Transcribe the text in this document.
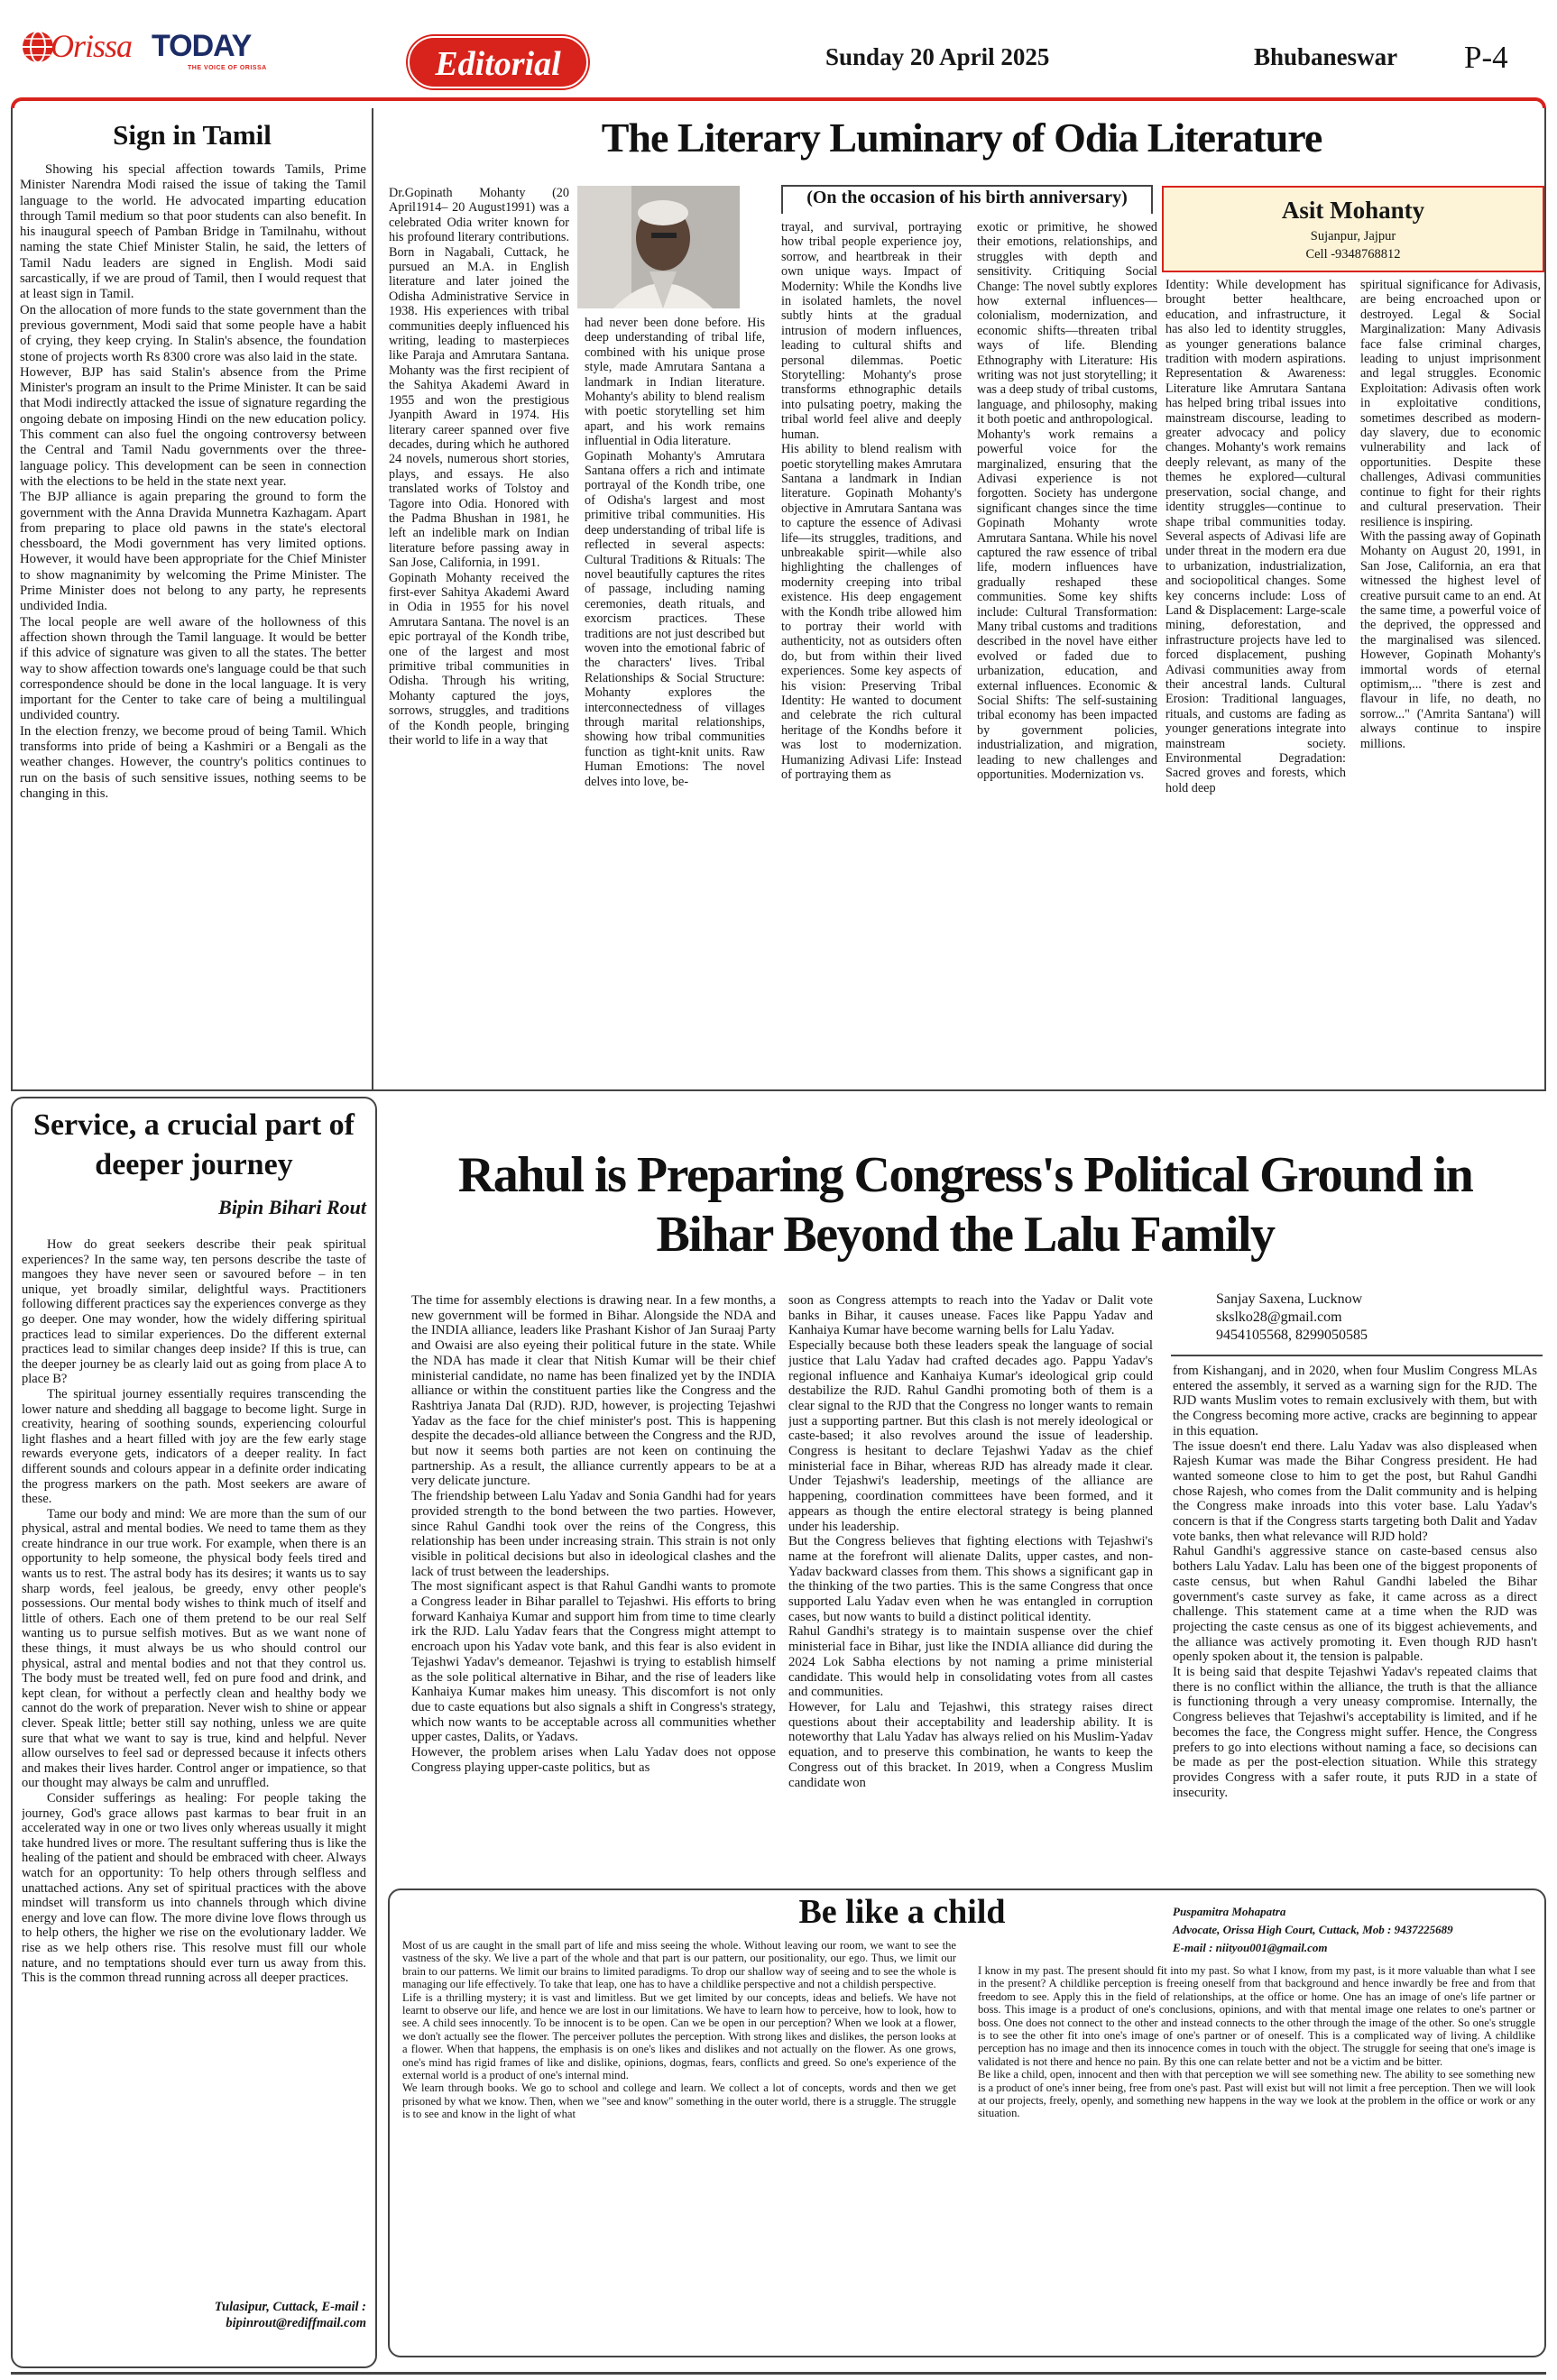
Orissa TODAY
THE VOICE OF ORISSA	Editorial	Sunday 20 April 2025	Bhubaneswar P-4
Sign in Tamil

Showing his special affection towards Tamils, Prime Minister Narendra Modi raised the issue of taking the Tamil language to the world. He advocated imparting education through Tamil medium so that poor students can also benefit. In his inaugural speech of Pamban Bridge in Tamilnahu, without naming the state Chief Minister Stalin, he said, the letters of Tamil Nadu leaders are signed in English. Modi said sarcastically, if we are proud of Tamil, then I would request that at least sign in Tamil.

On the allocation of more funds to the state government than the previous government, Modi said that some people have a habit of crying, they keep crying. In Stalin's absence, the foundation stone of projects worth Rs 8300 crore was also laid in the state.

However, BJP has said Stalin's absence from the Prime Minister's program an insult to the Prime Minister. It can be said that Modi indirectly attacked the issue of signature regarding the ongoing debate on imposing Hindi on the new education policy. This comment can also fuel the ongoing controversy between the Central and Tamil Nadu governments over the three-language policy. This development can be seen in connection with the elections to be held in the state next year.

The BJP alliance is again preparing the ground to form the government with the Anna Dravida Munnetra Kazhagam. Apart from preparing to place old pawns in the state's electoral chessboard, the Modi government has very limited options. However, it would have been appropriate for the Chief Minister to show magnanimity by welcoming the Prime Minister. The Prime Minister does not belong to any party, he represents undivided India.

The local people are well aware of the hollowness of this affection shown through the Tamil language. It would be better if this advice of signature was given to all the states. The better way to show affection towards one's language could be that such correspondence should be done in the local language. It is very important for the Center to take care of being a multilingual undivided country.

In the election frenzy, we become proud of being Tamil. Which transforms into pride of being a Kashmiri or a Bengali as the weather changes. However, the country's politics continues to run on the basis of such sensitive issues, nothing seems to be changing in this.

The Literary Luminary of Odia Literature
(On the occasion of his birth anniversary)	Asit Mohanty
Sujanpur, Jajpur
Cell -9348768812

Dr.Gopinath Mohanty (20 April1914– 20 August1991) was a celebrated Odia writer known for his profound literary contributions. Born in Nagabali, Cuttack, he pursued an M.A. in English literature and later joined the Odisha Administrative Service in 1938. His experiences with tribal communities deeply influenced his writing, leading to masterpieces like Paraja and Amrutara Santana. Mohanty was the first recipient of the Sahitya Akademi Award in 1955 and won the prestigious Jyanpith Award in 1974. His literary career spanned over five decades, during which he authored 24 novels, numerous short stories, plays, and essays. He also translated works of Tolstoy and Tagore into Odia. Honored with the Padma Bhushan in 1981, he left an indelible mark on Indian literature before passing away in San Jose, California, in 1991.

Gopinath Mohanty received the first-ever Sahitya Akademi Award in Odia in 1955 for his novel Amrutara Santana. The novel is an epic portrayal of the Kondh tribe, one of the largest and most primitive tribal communities in Odisha. Through his writing, Mohanty captured the joys, sorrows, struggles, and traditions of the Kondh people, bringing their world to life in a way that

had never been done before. His deep understanding of tribal life, combined with his unique prose style, made Amrutara Santana a landmark in Indian literature. Mohanty's ability to blend realism with poetic storytelling set him apart, and his work remains influential in Odia literature.

Gopinath Mohanty's Amrutara Santana offers a rich and intimate portrayal of the Kondh tribe, one of Odisha's largest and most primitive tribal communities. His deep understanding of tribal life is reflected in several aspects: Cultural Traditions & Rituals: The novel beautifully captures the rites of passage, including naming ceremonies, death rituals, and exorcism practices. These traditions are not just described but woven into the emotional fabric of the characters' lives. Tribal Relationships & Social Structure: Mohanty explores the interconnectedness of villages through marital relationships, showing how tribal communities function as tight-knit units. Raw Human Emotions: The novel delves into love, be-

trayal, and survival, portraying how tribal people experience joy, sorrow, and heartbreak in their own unique ways. Impact of Modernity: While the Kondhs live in isolated hamlets, the novel subtly hints at the gradual intrusion of modern influences, leading to cultural shifts and personal dilemmas. Poetic Storytelling: Mohanty's prose transforms ethnographic details into pulsating poetry, making the tribal world feel alive and deeply human.

His ability to blend realism with poetic storytelling makes Amrutara Santana a landmark in Indian literature. Gopinath Mohanty's objective in Amrutara Santana was to capture the essence of Adivasi life—its struggles, traditions, and unbreakable spirit—while also highlighting the challenges of modernity creeping into tribal existence. His deep engagement with the Kondh tribe allowed him to portray their world with authenticity, not as outsiders often do, but from within their lived experiences. Some key aspects of his vision: Preserving Tribal Identity: He wanted to document and celebrate the rich cultural heritage of the Kondhs before it was lost to modernization. Humanizing Adivasi Life: Instead of portraying them as

exotic or primitive, he showed their emotions, relationships, and struggles with depth and sensitivity. Critiquing Social Change: The novel subtly explores how external influences—colonialism, modernization, and economic shifts—threaten tribal ways of life. Blending Ethnography with Literature: His writing was not just storytelling; it was a deep study of tribal customs, language, and philosophy, making it both poetic and anthropological.

Mohanty's work remains a powerful voice for the marginalized, ensuring that the Adivasi experience is not forgotten. Society has undergone significant changes since the time Gopinath Mohanty wrote Amrutara Santana. While his novel captured the raw essence of tribal life, modern influences have gradually reshaped these communities. Some key shifts include: Cultural Transformation: Many tribal customs and traditions described in the novel have either evolved or faded due to urbanization, education, and external influences. Economic & Social Shifts: The self-sustaining tribal economy has been impacted by government policies, industrialization, and migration, leading to new challenges and opportunities. Modernization vs.

Identity: While development has brought better healthcare, education, and infrastructure, it has also led to identity struggles, as younger generations balance tradition with modern aspirations. Representation & Awareness: Literature like Amrutara Santana has helped bring tribal issues into mainstream discourse, leading to greater advocacy and policy changes. Mohanty's work remains deeply relevant, as many of the themes he explored—cultural preservation, social change, and identity struggles—continue to shape tribal communities today. Several aspects of Adivasi life are under threat in the modern era due to urbanization, industrialization, and sociopolitical changes. Some key concerns include: Loss of Land & Displacement: Large-scale mining, deforestation, and infrastructure projects have led to forced displacement, pushing Adivasi communities away from their ancestral lands. Cultural Erosion: Traditional languages, rituals, and customs are fading as younger generations integrate into mainstream society. Environmental Degradation: Sacred groves and forests, which hold deep

spiritual significance for Adivasis, are being encroached upon or destroyed. Legal & Social Marginalization: Many Adivasis face false criminal charges, leading to unjust imprisonment and legal struggles. Economic Exploitation: Adivasis often work in exploitative conditions, sometimes described as modern-day slavery, due to economic vulnerability and lack of opportunities. Despite these challenges, Adivasi communities continue to fight for their rights and cultural preservation. Their resilience is inspiring.

With the passing away of Gopinath Mohanty on August 20, 1991, in San Jose, California, an era that witnessed the highest level of creative pursuit came to an end. At the same time, a powerful voice of the deprived, the oppressed and the marginalised was silenced. However, Gopinath Mohanty's immortal words of eternal optimism,... "there is zest and flavour in life, no death, no sorrow..." ('Amrita Santana') will always continue to inspire millions.

Service, a crucial part of deeper journey
Bipin Bihari Rout

How do great seekers describe their peak spiritual experiences? In the same way, ten persons describe the taste of mangoes they have never seen or savoured before – in ten unique, yet broadly similar, delightful ways. Practitioners following different practices say the experiences converge as they go deeper. One may wonder, how the widely differing spiritual practices lead to similar experiences. Do the different external practices lead to similar changes deep inside? If this is true, can the deeper journey be as clearly laid out as going from place A to place B?

The spiritual journey essentially requires transcending the lower nature and shedding all baggage to become light. Surge in creativity, hearing of soothing sounds, experiencing colourful light flashes and a heart filled with joy are the few early stage rewards everyone gets, indicators of a deeper reality. In fact different sounds and colours appear in a definite order indicating the progress markers on the path. Most seekers are aware of these.

Tame our body and mind: We are more than the sum of our physical, astral and mental bodies. We need to tame them as they create hindrance in our true work. For example, when there is an opportunity to help someone, the physical body feels tired and wants us to rest. The astral body has its desires; it wants us to say sharp words, feel jealous, be greedy, envy other people's possessions. Our mental body wishes to think much of itself and little of others. Each one of them pretend to be our real Self wanting us to pursue selfish motives. But as we want none of these things, it must always be us who should control our physical, astral and mental bodies and not that they control us. The body must be treated well, fed on pure food and drink, and kept clean, for without a perfectly clean and healthy body we cannot do the work of preparation. Never wish to shine or appear clever. Speak little; better still say nothing, unless we are quite sure that what we want to say is true, kind and helpful. Never allow ourselves to feel sad or depressed because it infects others and makes their lives harder. Control anger or impatience, so that our thought may always be calm and unruffled.

Consider sufferings as healing: For people taking the journey, God's grace allows past karmas to bear fruit in an accelerated way in one or two lives only whereas usually it might take hundred lives or more. The resultant suffering thus is like the healing of the patient and should be embraced with cheer. Always watch for an opportunity: To help others through selfless and unattached actions. Any set of spiritual practices with the above mindset will transform us into channels through which divine energy and love can flow. The more divine love flows through us to help others, the higher we rise on the evolutionary ladder. We rise as we help others rise. This resolve must fill our whole nature, and no temptations should ever turn us away from this. This is the common thread running across all deeper practices.

Tulasipur, Cuttack, E-mail :
bipinrout@rediffmail.com
Rahul is Preparing Congress's Political Ground in Bihar Beyond the Lalu Family
Sanjay Saxena, Lucknow
skslko28@gmail.com
9454105568, 8299050585

The time for assembly elections is drawing near. In a few months, a new government will be formed in Bihar. Alongside the NDA and the INDIA alliance, leaders like Prashant Kishor of Jan Suraaj Party and Owaisi are also eyeing their political future in the state. While the NDA has made it clear that Nitish Kumar will be their chief ministerial candidate, no name has been finalized yet by the INDIA alliance or within the constituent parties like the Congress and the Rashtriya Janata Dal (RJD). RJD, however, is projecting Tejashwi Yadav as the face for the chief minister's post. This is happening despite the decades-old alliance between the Congress and the RJD, but now it seems both parties are not keen on continuing the partnership. As a result, the alliance currently appears to be at a very delicate juncture.

The friendship between Lalu Yadav and Sonia Gandhi had for years provided strength to the bond between the two parties. However, since Rahul Gandhi took over the reins of the Congress, this relationship has been under increasing strain. This strain is not only visible in political decisions but also in ideological clashes and the lack of trust between the leaderships.

The most significant aspect is that Rahul Gandhi wants to promote a Congress leader in Bihar parallel to Tejashwi. His efforts to bring forward Kanhaiya Kumar and support him from time to time clearly irk the RJD. Lalu Yadav fears that the Congress might attempt to encroach upon his Yadav vote bank, and this fear is also evident in Tejashwi Yadav's demeanor. Tejashwi is trying to establish himself as the sole political alternative in Bihar, and the rise of leaders like Kanhaiya Kumar makes him uneasy. This discomfort is not only due to caste equations but also signals a shift in Congress's strategy, which now wants to be acceptable across all communities whether upper castes, Dalits, or Yadavs.

However, the problem arises when Lalu Yadav does not oppose Congress playing upper-caste politics, but as

soon as Congress attempts to reach into the Yadav or Dalit vote banks in Bihar, it causes unease. Faces like Pappu Yadav and Kanhaiya Kumar have become warning bells for Lalu Yadav.

Especially because both these leaders speak the language of social justice that Lalu Yadav had crafted decades ago. Pappu Yadav's regional influence and Kanhaiya Kumar's ideological grip could destabilize the RJD. Rahul Gandhi promoting both of them is a clear signal to the RJD that the Congress no longer wants to remain just a supporting partner. But this clash is not merely ideological or caste-based; it also revolves around the issue of leadership. Congress is hesitant to declare Tejashwi Yadav as the chief ministerial face in Bihar, whereas RJD has already made it clear. Under Tejashwi's leadership, meetings of the alliance are happening, coordination committees have been formed, and it appears as though the entire electoral strategy is being planned under his leadership.

But the Congress believes that fighting elections with Tejashwi's name at the forefront will alienate Dalits, upper castes, and non-Yadav backward classes from them. This shows a significant gap in the thinking of the two parties. This is the same Congress that once supported Lalu Yadav even when he was entangled in corruption cases, but now wants to build a distinct political identity.

Rahul Gandhi's strategy is to maintain suspense over the chief ministerial face in Bihar, just like the INDIA alliance did during the 2024 Lok Sabha elections by not naming a prime ministerial candidate. This would help in consolidating votes from all castes and communities.

However, for Lalu and Tejashwi, this strategy raises direct questions about their acceptability and leadership ability. It is noteworthy that Lalu Yadav has always relied on his Muslim-Yadav equation, and to preserve this combination, he wants to keep the Congress out of this bracket. In 2019, when a Congress Muslim candidate won

from Kishanganj, and in 2020, when four Muslim Congress MLAs entered the assembly, it served as a warning sign for the RJD. The RJD wants Muslim votes to remain exclusively with them, but with the Congress becoming more active, cracks are beginning to appear in this equation.

The issue doesn't end there. Lalu Yadav was also displeased when Rajesh Kumar was made the Bihar Congress president. He had wanted someone close to him to get the post, but Rahul Gandhi chose Rajesh, who comes from the Dalit community and is helping the Congress make inroads into this voter base. Lalu Yadav's concern is that if the Congress starts targeting both Dalit and Yadav vote banks, then what relevance will RJD hold?

Rahul Gandhi's aggressive stance on caste-based census also bothers Lalu Yadav. Lalu has been one of the biggest proponents of caste census, but when Rahul Gandhi labeled the Bihar government's caste survey as fake, it came across as a direct challenge. This statement came at a time when the RJD was projecting the caste census as one of its biggest achievements, and the alliance was actively promoting it. Even though RJD hasn't openly spoken about it, the tension is palpable.

It is being said that despite Tejashwi Yadav's repeated claims that there is no conflict within the alliance, the truth is that the alliance is functioning through a very uneasy compromise. Internally, the Congress believes that Tejashwi's acceptability is limited, and if he becomes the face, the Congress might suffer. Hence, the Congress prefers to go into elections without naming a face, so decisions can be made as per the post-election situation. While this strategy provides Congress with a safer route, it puts RJD in a state of insecurity.

Be like a child	Puspamitra Mohapatra
Advocate, Orissa High Court, Cuttack, Mob : 9437225689
E-mail : niityou001@gmail.com

Most of us are caught in the small part of life and miss seeing the whole. Without leaving our room, we want to see the vastness of the sky. We live a part of the whole and that part is our pattern, our positionality, our ego. Thus, we limit our brain to our patterns. We limit our brains to limited paradigms. To drop our shallow way of seeing and to see the whole is managing our life effectively. To take that leap, one has to have a childlike perspective and not a childish perspective.

Life is a thrilling mystery; it is vast and limitless. But we get limited by our concepts, ideas and beliefs. We have not learnt to observe our life, and hence we are lost in our limitations. We have to learn how to perceive, how to look, how to see. A child sees innocently. To be innocent is to be open. Can we be open in our perception? When we look at a flower, we don't actually see the flower. The perceiver pollutes the perception. With strong likes and dislikes, the person looks at a flower. When that happens, the emphasis is on one's likes and dislikes and not actually on the flower. As one grows, one's mind has rigid frames of like and dislike, opinions, dogmas, fears, conflicts and greed. So one's experience of the external world is a product of one's internal mind.

We learn through books. We go to school and college and learn. We collect a lot of concepts, words and then we get prisoned by what we know. Then, when we "see and know" something in the outer world, there is a struggle. The struggle is to see and know in the light of what

I know in my past. The present should fit into my past. So what I know, from my past, is it more valuable than what I see in the present? A childlike perception is freeing oneself from that background and hence inwardly be free and from that freedom to see. Apply this in the field of relationships, at the office or home. One has an image of one's life partner or boss. This image is a product of one's conclusions, opinions, and with that mental image one relates to one's partner or boss. One does not connect to the other and instead connects to the other through the image of the other. So one's struggle is to see the other fit into one's image of one's partner or of oneself. This is a complicated way of living. A childlike perception has no image and then its innocence comes in touch with the object. The struggle for seeing that one's image is validated is not there and hence no pain. By this one can relate better and not be a victim and be bitter.

Be like a child, open, innocent and then with that perception we will see something new. The ability to see something new is a product of one's inner being, free from one's past. Past will exist but will not limit a free perception. Then we will look at our projects, freely, openly, and something new happens in the way we look at the problem in the office or work or any situation.
